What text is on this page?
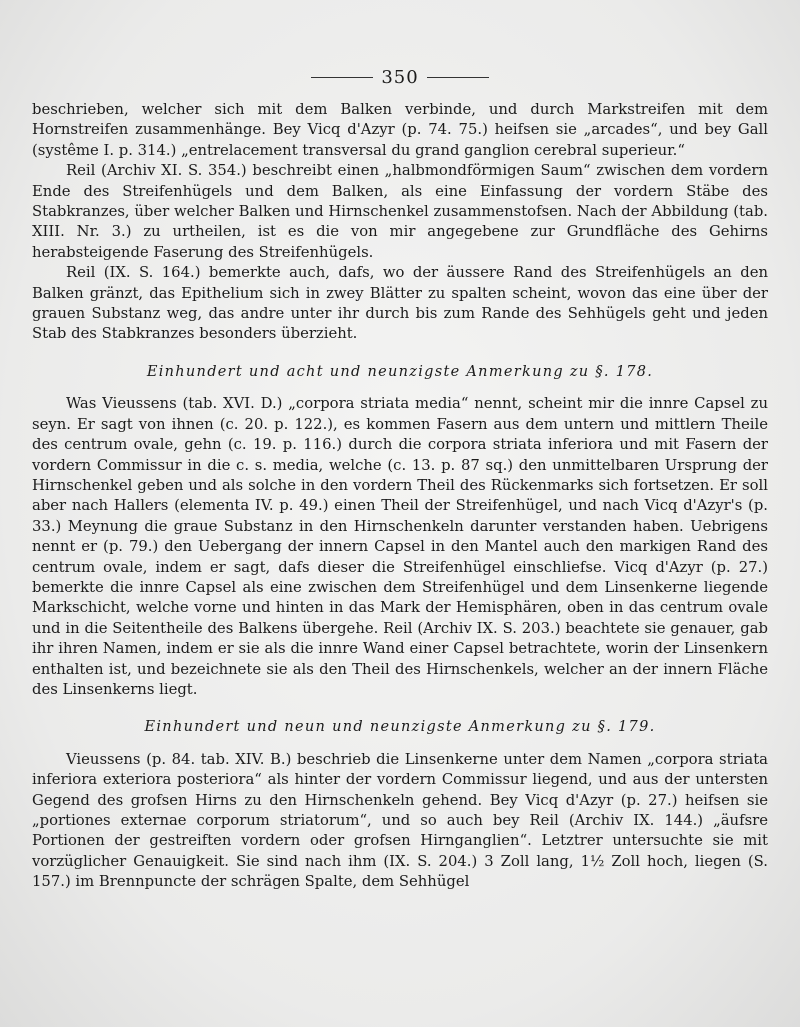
350

beschrieben, welcher sich mit dem Balken verbinde, und durch Markstreifen mit dem Hornstreifen zusammenhänge. Bey Vicq d'Azyr (p. 74. 75.) heifsen sie „arcades“, und bey Gall (systême I. p. 314.) „entrelacement transversal du grand ganglion cerebral superieur.“

Reil (Archiv XI. S. 354.) beschreibt einen „halbmondförmigen Saum“ zwischen dem vordern Ende des Streifenhügels und dem Balken, als eine Einfassung der vordern Stäbe des Stabkranzes, über welcher Balken und Hirnschenkel zusammenstofsen. Nach der Abbildung (tab. XIII. Nr. 3.) zu urtheilen, ist es die von mir angegebene zur Grundfläche des Gehirns herabsteigende Faserung des Streifenhügels.

Reil (IX. S. 164.) bemerkte auch, dafs, wo der äussere Rand des Streifenhügels an den Balken gränzt, das Epithelium sich in zwey Blätter zu spalten scheint, wovon das eine über der grauen Substanz weg, das andre unter ihr durch bis zum Rande des Sehhügels geht und jeden Stab des Stabkranzes besonders überzieht.

Einhundert und acht und neunzigste Anmerkung zu §. 178.

Was Vieussens (tab. XVI. D.) „corpora striata media“ nennt, scheint mir die innre Capsel zu seyn. Er sagt von ihnen (c. 20. p. 122.), es kommen Fasern aus dem untern und mittlern Theile des centrum ovale, gehn (c. 19. p. 116.) durch die corpora striata inferiora und mit Fasern der vordern Commissur in die c. s. media, welche (c. 13. p. 87 sq.) den unmittelbaren Ursprung der Hirnschenkel geben und als solche in den vordern Theil des Rückenmarks sich fortsetzen. Er soll aber nach Hallers (elementa IV. p. 49.) einen Theil der Streifenhügel, und nach Vicq d'Azyr's (p. 33.) Meynung die graue Substanz in den Hirnschenkeln darunter verstanden haben. Uebrigens nennt er (p. 79.) den Uebergang der innern Capsel in den Mantel auch den markigen Rand des centrum ovale, indem er sagt, dafs dieser die Streifenhügel einschliefse. Vicq d'Azyr (p. 27.) bemerkte die innre Capsel als eine zwischen dem Streifenhügel und dem Linsenkerne liegende Markschicht, welche vorne und hinten in das Mark der Hemisphären, oben in das centrum ovale und in die Seitentheile des Balkens übergehe. Reil (Archiv IX. S. 203.) beachtete sie genauer, gab ihr ihren Namen, indem er sie als die innre Wand einer Capsel betrachtete, worin der Linsenkern enthalten ist, und bezeichnete sie als den Theil des Hirnschenkels, welcher an der innern Fläche des Linsenkerns liegt.

Einhundert und neun und neunzigste Anmerkung zu §. 179.

Vieussens (p. 84. tab. XIV. B.) beschrieb die Linsenkerne unter dem Namen „corpora striata inferiora exteriora posteriora“ als hinter der vordern Commissur liegend, und aus der untersten Gegend des grofsen Hirns zu den Hirnschenkeln gehend. Bey Vicq d'Azyr (p. 27.) heifsen sie „portiones externae corporum striatorum“, und so auch bey Reil (Archiv IX. 144.) „äufsre Portionen der gestreiften vordern oder grofsen Hirnganglien“. Letztrer untersuchte sie mit vorzüglicher Genauigkeit. Sie sind nach ihm (IX. S. 204.) 3 Zoll lang, 1½ Zoll hoch, liegen (S. 157.) im Brennpuncte der schrägen Spalte, dem Sehhügel
